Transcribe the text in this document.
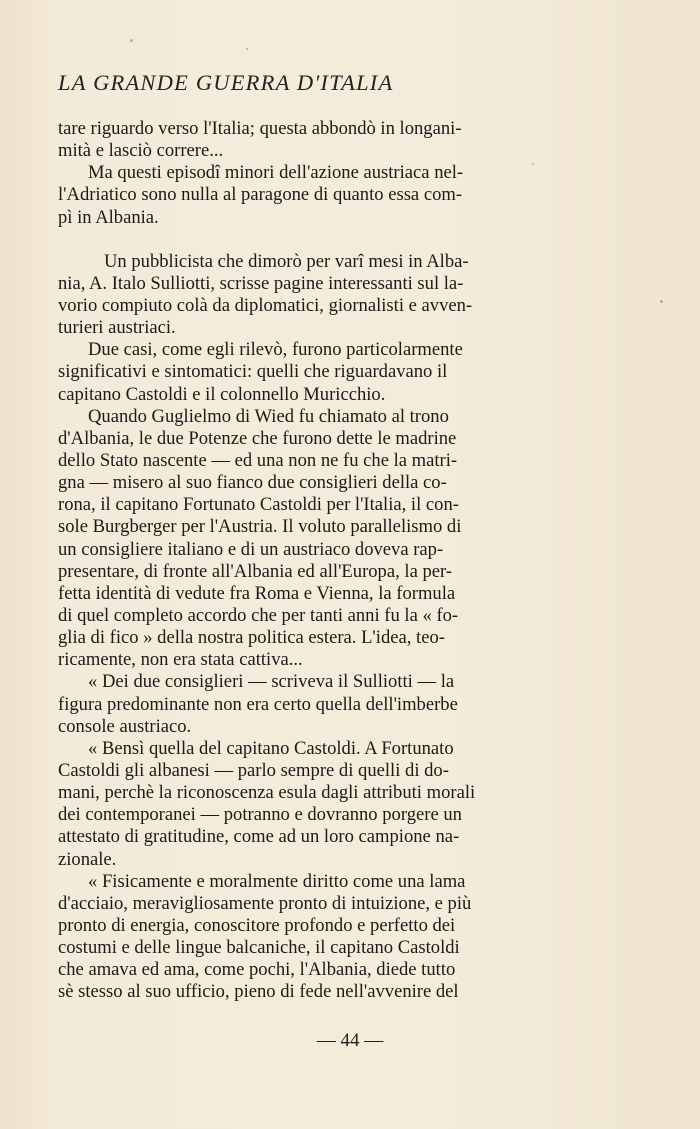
LA GRANDE GUERRA D'ITALIA
tare riguardo verso l'Italia; questa abbondò in longani-
mità e lasciò correre...
Ma questi episodî minori dell'azione austriaca nel-
l'Adriatico sono nulla al paragone di quanto essa com-
pì in Albania.
Un pubblicista che dimorò per varî mesi in Alba-
nia, A. Italo Sulliotti, scrisse pagine interessanti sul la-
vorio compiuto colà da diplomatici, giornalisti e avven-
turieri austriaci.
Due casi, come egli rilevò, furono particolarmente
significativi e sintomatici: quelli che riguardavano il
capitano Castoldi e il colonnello Muricchio.
Quando Guglielmo di Wied fu chiamato al trono
d'Albania, le due Potenze che furono dette le madrine
dello Stato nascente — ed una non ne fu che la matri-
gna — misero al suo fianco due consiglieri della co-
rona, il capitano Fortunato Castoldi per l'Italia, il con-
sole Burgberger per l'Austria. Il voluto parallelismo di
un consigliere italiano e di un austriaco doveva rap-
presentare, di fronte all'Albania ed all'Europa, la per-
fetta identità di vedute fra Roma e Vienna, la formula
di quel completo accordo che per tanti anni fu la « fo-
glia di fico » della nostra politica estera. L'idea, teo-
ricamente, non era stata cattiva...
« Dei due consiglieri — scriveva il Sulliotti — la
figura predominante non era certo quella dell'imberbe
console austriaco.
« Bensì quella del capitano Castoldi. A Fortunato
Castoldi gli albanesi — parlo sempre di quelli di do-
mani, perchè la riconoscenza esula dagli attributi morali
dei contemporanei — potranno e dovranno porgere un
attestato di gratitudine, come ad un loro campione na-
zionale.
« Fisicamente e moralmente diritto come una lama
d'acciaio, meravigliosamente pronto di intuizione, e più
pronto di energia, conoscitore profondo e perfetto dei
costumi e delle lingue balcaniche, il capitano Castoldi
che amava ed ama, come pochi, l'Albania, diede tutto
sè stesso al suo ufficio, pieno di fede nell'avvenire del
— 44 —
